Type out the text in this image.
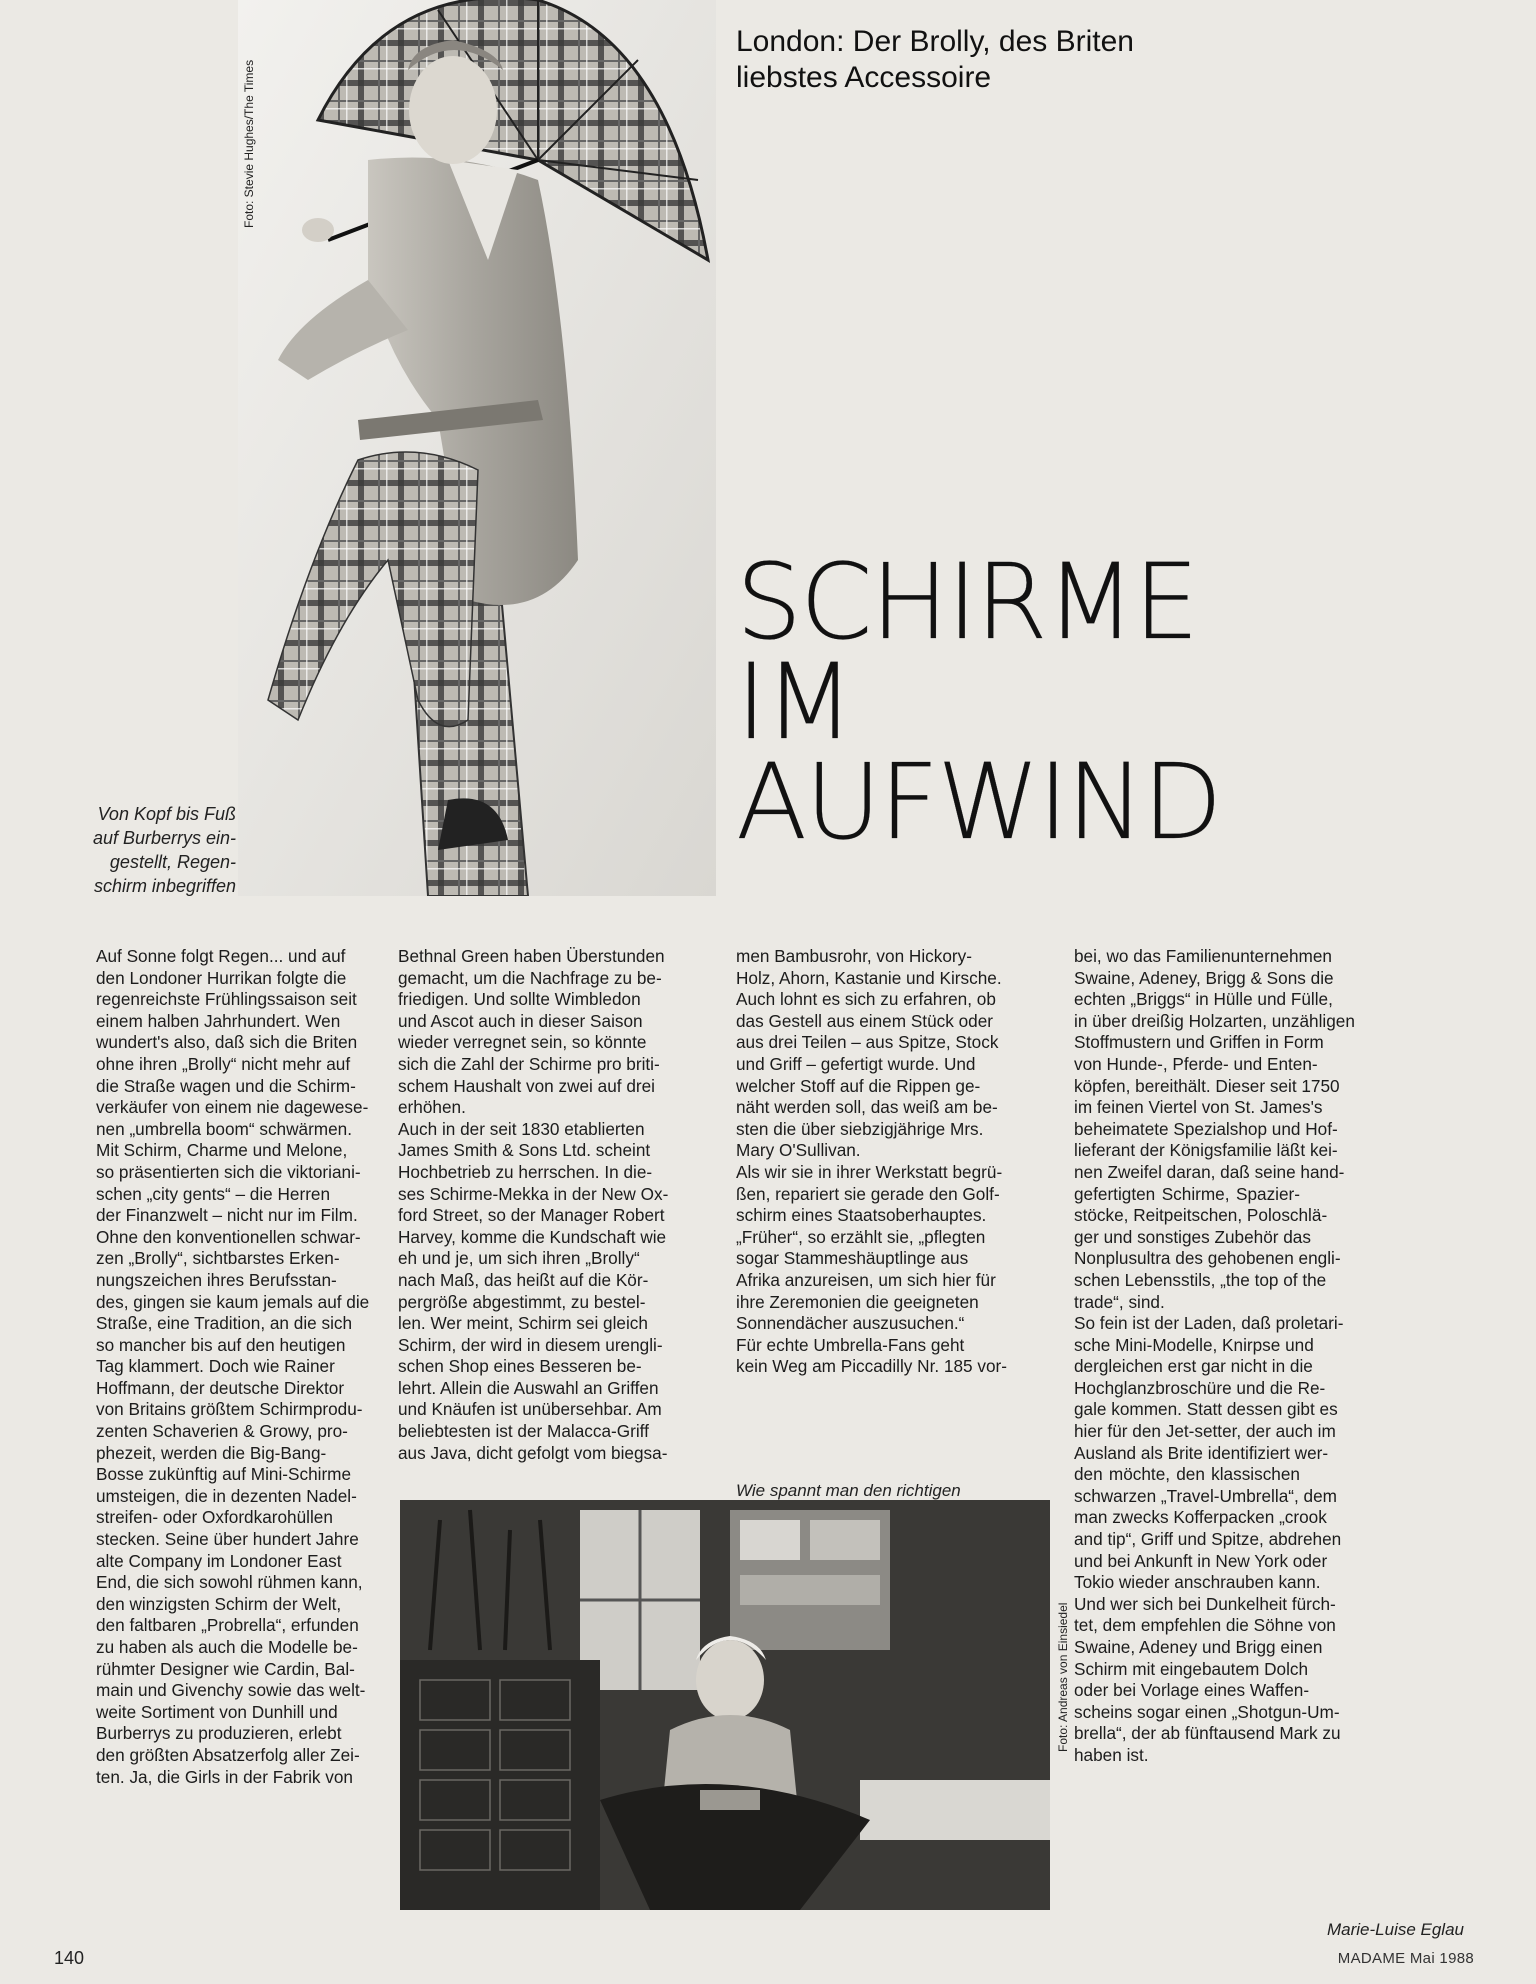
Foto: Stevie Hughes/The Times
London: Der Brolly, des Briten
liebstes Accessoire
SCHIRME
IM
AUFWIND
Von Kopf bis Fuß
auf Burberrys ein-
gestellt, Regen-
schirm inbegriffen
Auf Sonne folgt Regen... und auf
den Londoner Hurrikan folgte die
regenreichste Frühlingssaison seit
einem halben Jahrhundert. Wen
wundert's also, daß sich die Briten
ohne ihren „Brolly“ nicht mehr auf
die Straße wagen und die Schirm-
verkäufer von einem nie dagewese-
nen „umbrella boom“ schwärmen.
Mit Schirm, Charme und Melone,
so präsentierten sich die viktoriani-
schen „city gents“ – die Herren
der Finanzwelt – nicht nur im Film.
Ohne den konventionellen schwar-
zen „Brolly“, sichtbarstes Erken-
nungszeichen ihres Berufsstan-
des, gingen sie kaum jemals auf die
Straße, eine Tradition, an die sich
so mancher bis auf den heutigen
Tag klammert. Doch wie Rainer
Hoffmann, der deutsche Direktor
von Britains größtem Schirmprodu-
zenten Schaverien & Growy, pro-
phezeit, werden die Big-Bang-
Bosse zukünftig auf Mini-Schirme
umsteigen, die in dezenten Nadel-
streifen- oder Oxfordkarohüllen
stecken. Seine über hundert Jahre
alte Company im Londoner East
End, die sich sowohl rühmen kann,
den winzigsten Schirm der Welt,
den faltbaren „Probrella“, erfunden
zu haben als auch die Modelle be-
rühmter Designer wie Cardin, Bal-
main und Givenchy sowie das welt-
weite Sortiment von Dunhill und
Burberrys zu produzieren, erlebt
den größten Absatzerfolg aller Zei-
ten. Ja, die Girls in der Fabrik von
Bethnal Green haben Überstunden
gemacht, um die Nachfrage zu be-
friedigen. Und sollte Wimbledon
und Ascot auch in dieser Saison
wieder verregnet sein, so könnte
sich die Zahl der Schirme pro briti-
schem Haushalt von zwei auf drei
erhöhen.
Auch in der seit 1830 etablierten
James Smith & Sons Ltd. scheint
Hochbetrieb zu herrschen. In die-
ses Schirme-Mekka in der New Ox-
ford Street, so der Manager Robert
Harvey, komme die Kundschaft wie
eh und je, um sich ihren „Brolly“
nach Maß, das heißt auf die Kör-
pergröße abgestimmt, zu bestel-
len. Wer meint, Schirm sei gleich
Schirm, der wird in diesem urengli-
schen Shop eines Besseren be-
lehrt. Allein die Auswahl an Griffen
und Knäufen ist unübersehbar. Am
beliebtesten ist der Malacca-Griff
aus Java, dicht gefolgt vom biegsa-
men Bambusrohr, von Hickory-
Holz, Ahorn, Kastanie und Kirsche.
Auch lohnt es sich zu erfahren, ob
das Gestell aus einem Stück oder
aus drei Teilen – aus Spitze, Stock
und Griff – gefertigt wurde. Und
welcher Stoff auf die Rippen ge-
näht werden soll, das weiß am be-
sten die über siebzigjährige Mrs.
Mary O'Sullivan.
Als wir sie in ihrer Werkstatt begrü-
ßen, repariert sie gerade den Golf-
schirm eines Staatsoberhauptes.
„Früher“, so erzählt sie, „pflegten
sogar Stammeshäuptlinge aus
Afrika anzureisen, um sich hier für
ihre Zeremonien die geeigneten
Sonnendächer auszusuchen.“
Für echte Umbrella-Fans geht
kein Weg am Piccadilly Nr. 185 vor-
bei, wo das Familienunternehmen
Swaine, Adeney, Brigg & Sons die
echten „Briggs“ in Hülle und Fülle,
in über dreißig Holzarten, unzähligen
Stoffmustern und Griffen in Form
von Hunde-, Pferde- und Enten-
köpfen, bereithält. Dieser seit 1750
im feinen Viertel von St. James's
beheimatete Spezialshop und Hof-
lieferant der Königsfamilie läßt kei-
nen Zweifel daran, daß seine hand-
gefertigten Schirme, Spazier-
stöcke, Reitpeitschen, Poloschlä-
ger und sonstiges Zubehör das
Nonplusultra des gehobenen engli-
schen Lebensstils, „the top of the
trade“, sind.
So fein ist der Laden, daß proletari-
sche Mini-Modelle, Knirpse und
dergleichen erst gar nicht in die
Hochglanzbroschüre und die Re-
gale kommen. Statt dessen gibt es
hier für den Jet-setter, der auch im
Ausland als Brite identifiziert wer-
den möchte, den klassischen
schwarzen „Travel-Umbrella“, dem
man zwecks Kofferpacken „crook
and tip“, Griff und Spitze, abdrehen
und bei Ankunft in New York oder
Tokio wieder anschrauben kann.
Und wer sich bei Dunkelheit fürch-
tet, dem empfehlen die Söhne von
Swaine, Adeney und Brigg einen
Schirm mit eingebautem Dolch
oder bei Vorlage eines Waffen-
scheins sogar einen „Shotgun-Um-
brella“, der ab fünftausend Mark zu
haben ist.
Wie spannt man den richtigen
Foto: Andreas von Einsiedel
Marie-Luise Eglau
140	MADAME Mai 1988
